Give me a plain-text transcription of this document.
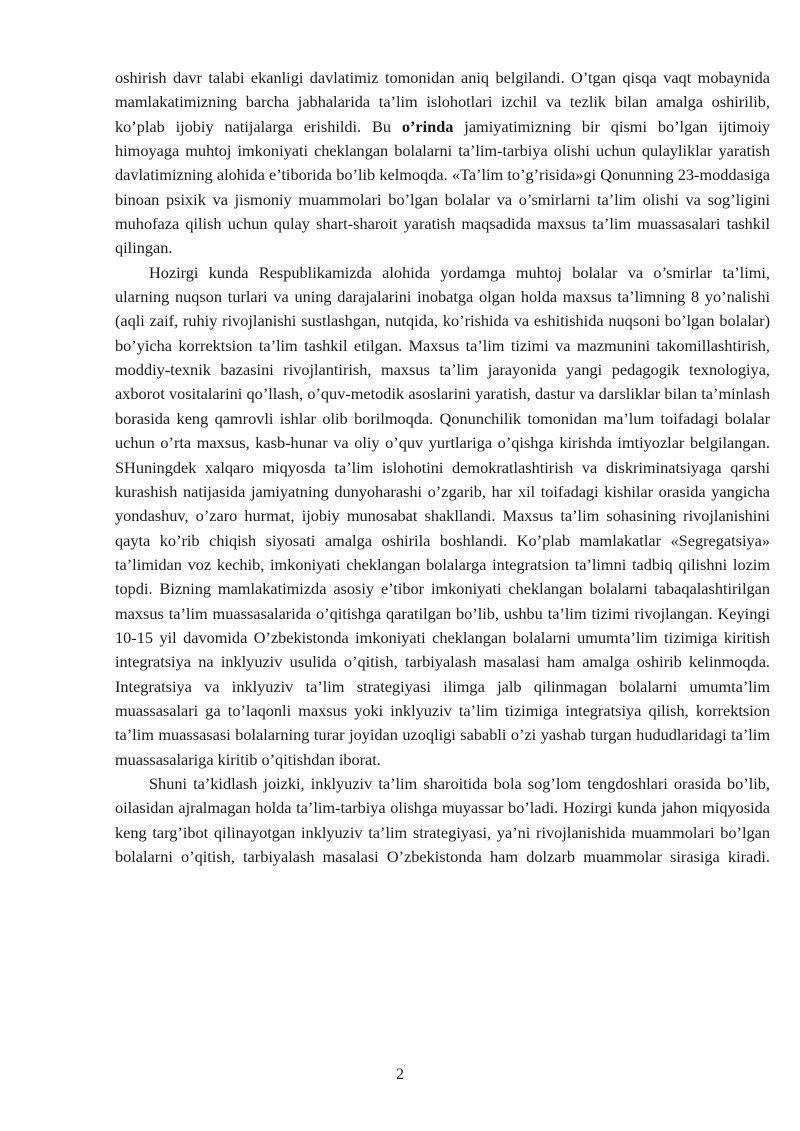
oshirish davr talabi ekanligi davlatimiz tomonidan aniq belgilandi. O’tgan qisqa vaqt mobaynida mamlakatimizning barcha jabhalarida ta’lim islohotlari izchil va tezlik bilan amalga oshirilib, ko’plab ijobiy natijalarga erishildi. Bu o’rinda jamiyatimizning bir qismi bo’lgan ijtimoiy himoyaga muhtoj imkoniyati cheklangan bolalarni ta’lim-tarbiya olishi uchun qulayliklar yaratish davlatimizning alohida e’tiborida bo’lib kelmoqda. «Ta’lim to’g’risida»gi Qonunning 23-moddasiga binoan psixik va jismoniy muammolari bo’lgan bolalar va o’smirlarni ta’lim olishi va sog’ligini muhofaza qilish uchun qulay shart-sharoit yaratish maqsadida maxsus ta’lim muassasalari tashkil qilingan.

Hozirgi kunda Respublikamizda alohida yordamga muhtoj bolalar va o’smirlar ta’limi, ularning nuqson turlari va uning darajalarini inobatga olgan holda maxsus ta’limning 8 yo’nalishi (aqli zaif, ruhiy rivojlanishi sustlashgan, nutqida, ko’rishida va eshitishida nuqsoni bo’lgan bolalar) bo’yicha korrektsion ta’lim tashkil etilgan. Maxsus ta’lim tizimi va mazmunini takomillashtirish, moddiy-texnik bazasini rivojlantirish, maxsus ta’lim jarayonida yangi pedagogik texnologiya, axborot vositalarini qo’llash, o’quv-metodik asoslarini yaratish, dastur va darsliklar bilan ta’minlash borasida keng qamrovli ishlar olib borilmoqda. Qonunchilik tomonidan ma’lum toifadagi bolalar uchun o’rta maxsus, kasb-hunar va oliy o’quv yurtlariga o’qishga kirishda imtiyozlar belgilangan. SHuningdek xalqaro miqyosda ta’lim islohotini demokratlashtirish va diskriminatsiyaga qarshi kurashish natijasida jamiyatning dunyoharashi o’zgarib, har xil toifadagi kishilar orasida yangicha yondashuv, o’zaro hurmat, ijobiy munosabat shakllandi. Maxsus ta’lim sohasining rivojlanishini qayta ko’rib chiqish siyosati amalga oshirila boshlandi. Ko’plab mamlakatlar «Segregatsiya» ta’limidan voz kechib, imkoniyati cheklangan bolalarga integratsion ta’limni tadbiq qilishni lozim topdi. Bizning mamlakatimizda asosiy e’tibor imkoniyati cheklangan bolalarni tabaqalashtirilgan maxsus ta’lim muassasalarida o’qitishga qaratilgan bo’lib, ushbu ta’lim tizimi rivojlangan. Keyingi 10-15 yil davomida O’zbekistonda imkoniyati cheklangan bolalarni umumta’lim tizimiga kiritish integratsiya na inklyuziv usulida o’qitish, tarbiyalash masalasi ham amalga oshirib kelinmoqda. Integratsiya va inklyuziv ta’lim strategiyasi ilimga jalb qilinmagan bolalarni umumta’lim muassasalari ga to’laqonli maxsus yoki inklyuziv ta’lim tizimiga integratsiya qilish, korrektsion ta’lim muassasasi bolalarning turar joyidan uzoqligi sababli o’zi yashab turgan hududlaridagi ta’lim muassasalariga kiritib o’qitishdan iborat.

Shuni ta’kidlash joizki, inklyuziv ta’lim sharoitida bola sog’lom tengdoshlari orasida bo’lib, oilasidan ajralmagan holda ta’lim-tarbiya olishga muyassar bo’ladi. Hozirgi kunda jahon miqyosida keng targ’ibot qilinayotgan inklyuziv ta’lim strategiyasi, ya’ni rivojlanishida muammolari bo’lgan bolalarni o’qitish, tarbiyalash masalasi O’zbekistonda ham dolzarb muammolar sirasiga kiradi.

2
